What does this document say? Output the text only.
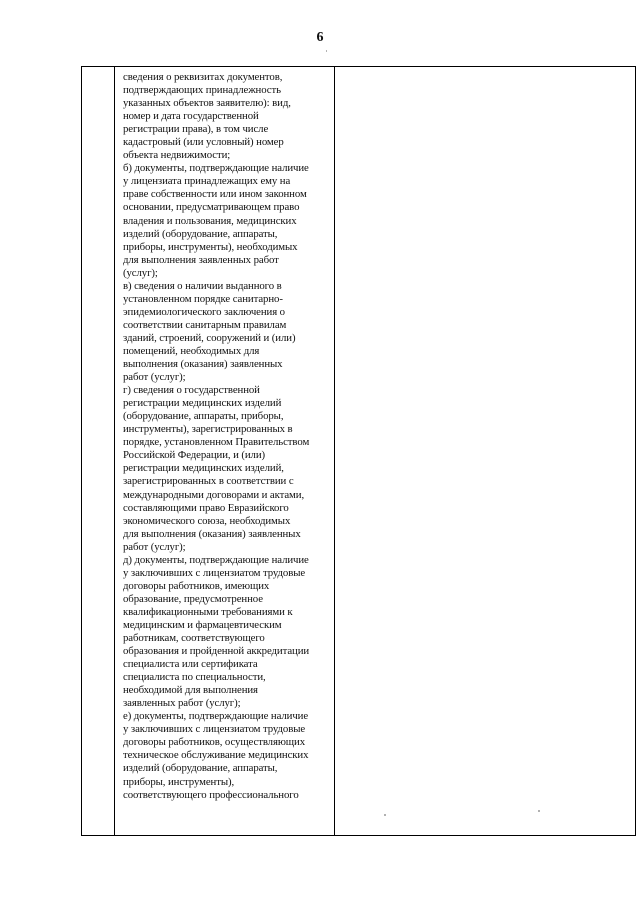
6
сведения о реквизитах документов,
подтверждающих принадлежность
указанных объектов заявителю): вид,
номер и дата государственной
регистрации права), в том числе
кадастровый (или условный) номер
объекта недвижимости;
б) документы, подтверждающие наличие
у лицензиата принадлежащих ему на
праве собственности или ином законном
основании, предусматривающем право
владения и пользования, медицинских
изделий (оборудование, аппараты,
приборы, инструменты), необходимых
для выполнения заявленных работ
(услуг);
в) сведения о наличии выданного в
установленном порядке санитарно-
эпидемиологического заключения о
соответствии санитарным правилам
зданий, строений, сооружений и (или)
помещений, необходимых для
выполнения (оказания) заявленных
работ (услуг);
г) сведения о государственной
регистрации медицинских изделий
(оборудование, аппараты, приборы,
инструменты), зарегистрированных в
порядке, установленном Правительством
Российской Федерации, и (или)
регистрации медицинских изделий,
зарегистрированных в соответствии с
международными договорами и актами,
составляющими право Евразийского
экономического союза, необходимых
для выполнения (оказания) заявленных
работ (услуг);
д) документы, подтверждающие наличие
у заключивших с лицензиатом трудовые
договоры работников, имеющих
образование, предусмотренное
квалификационными требованиями к
медицинским и фармацевтическим
работникам, соответствующего
образования и пройденной аккредитации
специалиста или сертификата
специалиста по специальности,
необходимой для выполнения
заявленных работ (услуг);
е) документы, подтверждающие наличие
у заключивших с лицензиатом трудовые
договоры работников, осуществляющих
техническое обслуживание медицинских
изделий (оборудование, аппараты,
приборы, инструменты),
соответствующего профессионального
